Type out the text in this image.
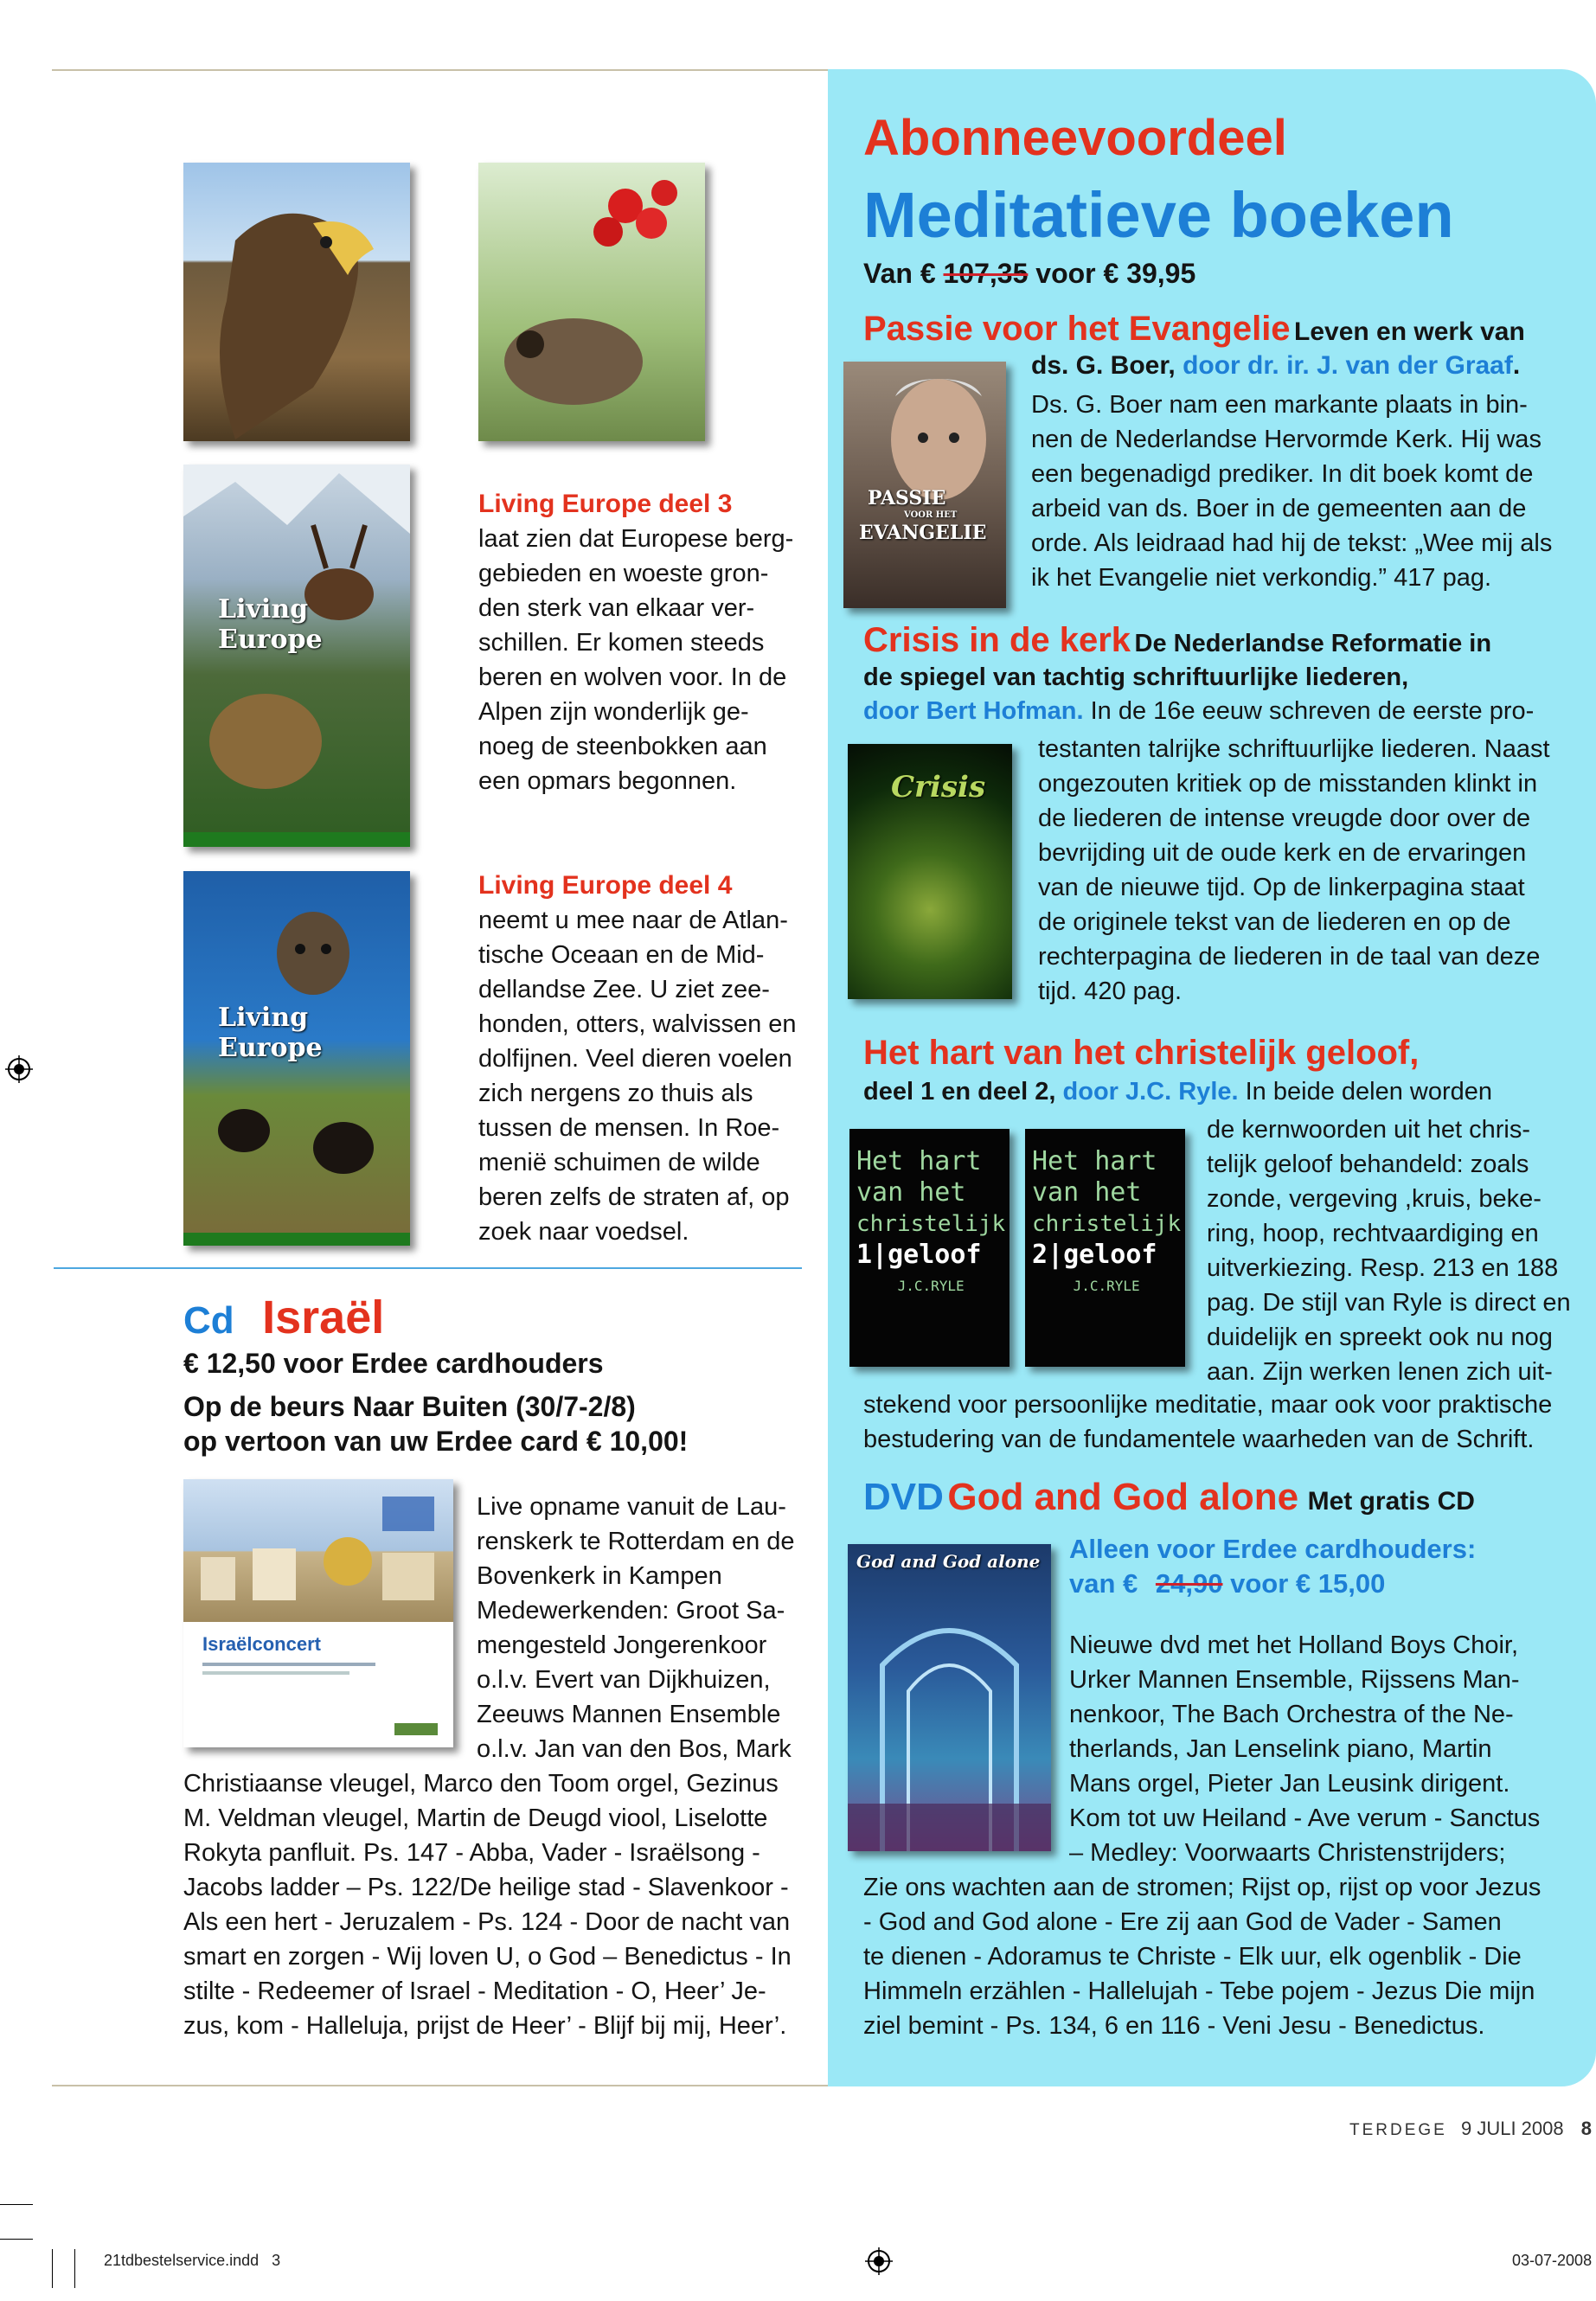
Living Europe
Living Europe
Living Europe deel 3
laat zien dat Europese berg-
gebieden en woeste gron-
den sterk van elkaar ver-
schillen. Er komen steeds
beren en wolven voor. In de
Alpen zijn wonderlijk ge-
noeg de steenbokken aan
een opmars begonnen.
Living Europe deel 4
neemt u mee naar de Atlan-
tische Oceaan en de Mid-
dellandse Zee. U ziet zee-
honden, otters, walvissen en
dolfijnen. Veel dieren voelen
zich nergens zo thuis als
tussen de mensen. In Roe-
menië schuimen de wilde
beren zelfs de straten af, op
zoek naar voedsel.
Cd Israël
€ 12,50 voor Erdee cardhouders
Op de beurs Naar Buiten (30/7-2/8)
op vertoon van uw Erdee card € 10,00!
Israëlconcert
Live opname vanuit de Lau-
renskerk te Rotterdam en de
Bovenkerk in Kampen
Medewerkenden: Groot Sa-
mengesteld Jongerenkoor
o.l.v. Evert van Dijkhuizen,
Zeeuws Mannen Ensemble
o.l.v. Jan van den Bos, Mark
Christiaanse vleugel, Marco den Toom orgel, Gezinus
M. Veldman vleugel, Martin de Deugd viool, Liselotte
Rokyta panfluit. Ps. 147 - Abba, Vader - Israëlsong -
Jacobs ladder – Ps. 122/De heilige stad - Slavenkoor -
Als een hert - Jeruzalem - Ps. 124 - Door de nacht van
smart en zorgen - Wij loven U, o God – Benedictus - In
stilte - Redeemer of Israel - Meditation - O, Heer’ Je-
zus, kom - Halleluja, prijst de Heer’ - Blijf bij mij, Heer’.
Abonneevoordeel
Meditatieve boeken
Van € 107,35 voor € 39,95
Passie voor het Evangelie Leven en werk van
ds. G. Boer, door dr. ir. J. van der Graaf.
PASSIE
VOOR HET
EVANGELIE
Ds. G. Boer nam een markante plaats in bin-
nen de Nederlandse Hervormde Kerk. Hij was
een begenadigd prediker. In dit boek komt de
arbeid van ds. Boer in de gemeenten aan de
orde. Als leidraad had hij de tekst: „Wee mij als
ik het Evangelie niet verkondig.” 417 pag.
Crisis in de kerk De Nederlandse Reformatie in
de spiegel van tachtig schriftuurlijke liederen,
door Bert Hofman. In de 16e eeuw schreven de eerste pro-
Crisis
testanten talrijke schriftuurlijke liederen. Naast
ongezouten kritiek op de misstanden klinkt in
de liederen de intense vreugde door over de
bevrijding uit de oude kerk en de ervaringen
van de nieuwe tijd. Op de linkerpagina staat
de originele tekst van de liederen en op de
rechterpagina de liederen in de taal van deze
tijd. 420 pag.
Het hart van het christelijk geloof,
deel 1 en deel 2, door J.C. Ryle. In beide delen worden
Het hart
van het
christelijk
1|geloof
J.C.RYLE
Het hart
van het
christelijk
2|geloof
J.C.RYLE
de kernwoorden uit het chris-
telijk geloof behandeld: zoals
zonde, vergeving ,kruis, beke-
ring, hoop, rechtvaardiging en
uitverkiezing. Resp. 213 en 188
pag. De stijl van Ryle is direct en
duidelijk en spreekt ook nu nog
aan. Zijn werken lenen zich uit-
stekend voor persoonlijke meditatie, maar ook voor praktische
bestudering van de fundamentele waarheden van de Schrift.
DVD God and God alone Met gratis CD
Alleen voor Erdee cardhouders:
van € 24,90 voor € 15,00
God and God alone
Nieuwe dvd met het Holland Boys Choir,
Urker Mannen Ensemble, Rijssens Man-
nenkoor, The Bach Orchestra of the Ne-
therlands, Jan Lenselink piano, Martin
Mans orgel, Pieter Jan Leusink dirigent.
Kom tot uw Heiland - Ave verum - Sanctus
– Medley: Voorwaarts Christenstrijders;
Zie ons wachten aan de stromen; Rijst op, rijst op voor Jezus
- God and God alone - Ere zij aan God de Vader - Samen
te dienen - Adoramus te Christe - Elk uur, elk ogenblik - Die
Himmeln erzählen - Hallelujah - Tebe pojem - Jezus Die mijn
ziel bemint - Ps. 134, 6 en 116 - Veni Jesu - Benedictus.
TERDEGE 9 JULI 2008 8
21tdbestelservice.indd   3	03-07-2008
